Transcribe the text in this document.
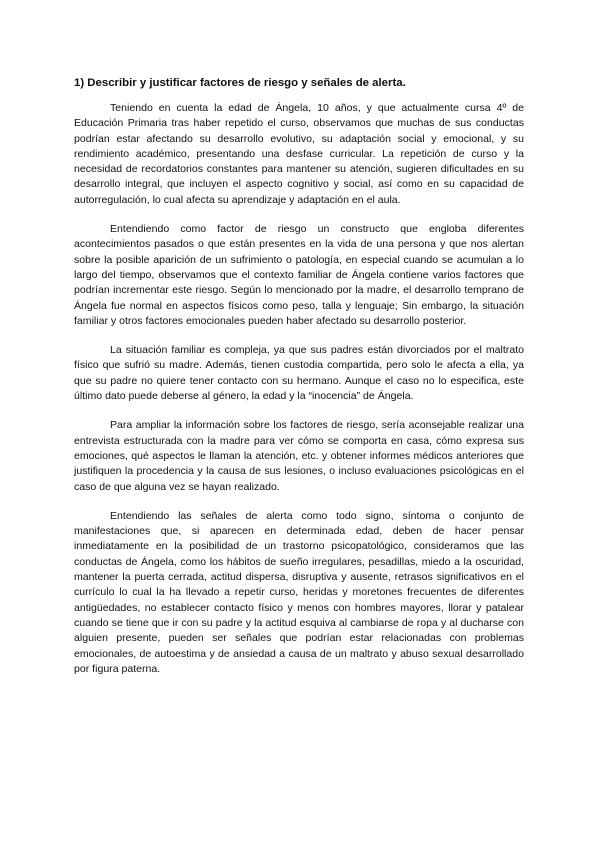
1) Describir y justificar factores de riesgo y señales de alerta.

Teniendo en cuenta la edad de Ángela, 10 años, y que actualmente cursa 4º de Educación Primaria tras haber repetido el curso, observamos que muchas de sus conductas podrían estar afectando su desarrollo evolutivo, su adaptación social y emocional, y su rendimiento académico, presentando una desfase curricular. La repetición de curso y la necesidad de recordatorios constantes para mantener su atención, sugieren dificultades en su desarrollo integral, que incluyen el aspecto cognitivo y social, así como en su capacidad de autorregulación, lo cual afecta su aprendizaje y adaptación en el aula.

Entendiendo como factor de riesgo un constructo que engloba diferentes acontecimientos pasados o que están presentes en la vida de una persona y que nos alertan sobre la posible aparición de un sufrimiento o patología, en especial cuando se acumulan a lo largo del tiempo, observamos que el contexto familiar de Ángela contiene varios factores que podrían incrementar este riesgo. Según lo mencionado por la madre, el desarrollo temprano de Ángela fue normal en aspectos físicos como peso, talla y lenguaje; Sin embargo, la situación familiar y otros factores emocionales pueden haber afectado su desarrollo posterior.

La situación familiar es compleja, ya que sus padres están divorciados por el maltrato físico que sufrió su madre. Además, tienen custodia compartida, pero solo le afecta a ella, ya que su padre no quiere tener contacto con su hermano. Aunque el caso no lo especifica, este último dato puede deberse al género, la edad y la “inocencia” de Ángela.

Para ampliar la información sobre los factores de riesgo, sería aconsejable realizar una entrevista estructurada con la madre para ver cómo se comporta en casa, cómo expresa sus emociones, qué aspectos le llaman la atención, etc. y obtener informes médicos anteriores que justifiquen la procedencia y la causa de sus lesiones, o incluso evaluaciones psicológicas en el caso de que alguna vez se hayan realizado.

Entendiendo las señales de alerta como todo signo, síntoma o conjunto de manifestaciones que, si aparecen en determinada edad, deben de hacer pensar inmediatamente en la posibilidad de un trastorno psicopatológico, consideramos que las conductas de Ángela, como los hábitos de sueño irregulares, pesadillas, miedo a la oscuridad, mantener la puerta cerrada, actitud dispersa, disruptiva y ausente, retrasos significativos en el currículo lo cual la ha llevado a repetir curso, heridas y moretones frecuentes de diferentes antigüedades, no establecer contacto físico y menos con hombres mayores, llorar y patalear cuando se tiene que ir con su padre y la actitud esquiva al cambiarse de ropa y al ducharse con alguien presente, pueden ser señales que podrían estar relacionadas con problemas emocionales, de autoestima y de ansiedad a causa de un maltrato y abuso sexual desarrollado por figura paterna.
